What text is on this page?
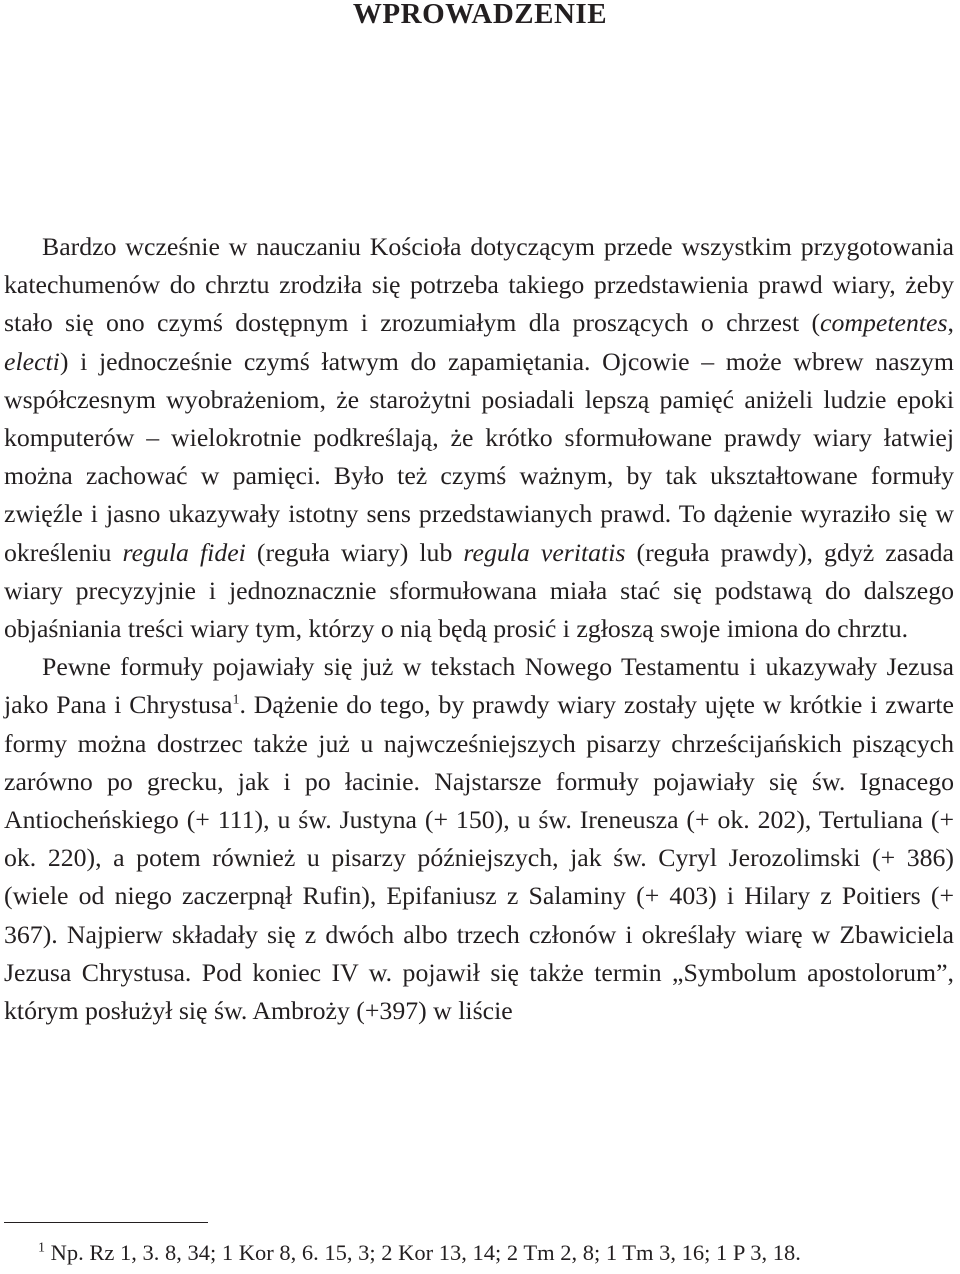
WPROWADZENIE

Bardzo wcześnie w nauczaniu Kościoła dotyczącym przede wszystkim przygotowania katechumenów do chrztu zrodziła się potrzeba takiego przedstawienia prawd wiary, żeby stało się ono czymś dostępnym i zrozumiałym dla proszących o chrzest (competentes, electi) i jednocześnie czymś łatwym do zapamiętania. Ojcowie – może wbrew naszym współczesnym wyobrażeniom, że starożytni posiadali lepszą pamięć aniżeli ludzie epoki komputerów – wielokrotnie podkreślają, że krótko sformułowane prawdy wiary łatwiej można zachować w pamięci. Było też czymś ważnym, by tak ukształtowane formuły zwięźle i jasno ukazywały istotny sens przedstawianych prawd. To dążenie wyraziło się w określeniu regula fidei (reguła wiary) lub regula veritatis (reguła prawdy), gdyż zasada wiary precyzyjnie i jednoznacznie sformułowana miała stać się podstawą do dalszego objaśniania treści wiary tym, którzy o nią będą prosić i zgłoszą swoje imiona do chrztu.

Pewne formuły pojawiały się już w tekstach Nowego Testamentu i ukazywały Jezusa jako Pana i Chrystusa$^1$. Dążenie do tego, by prawdy wiary zostały ujęte w krótkie i zwarte formy można dostrzec także już u najwcześniejszych pisarzy chrześcijańskich piszących zarówno po grecku, jak i po łacinie. Najstarsze formuły pojawiały się św. Ignacego Antiocheńskiego (+ 111), u św. Justyna (+ 150), u św. Ireneusza (+ ok. 202), Tertuliana (+ ok. 220), a potem również u pisarzy późniejszych, jak św. Cyryl Jerozolimski (+ 386) (wiele od niego zaczerpnął Rufin), Epifaniusz z Salaminy (+ 403) i Hilary z Poitiers (+ 367). Najpierw składały się z dwóch albo trzech członów i określały wiarę w Zbawiciela Jezusa Chrystusa. Pod koniec IV w. pojawił się także termin „Symbolum apostolorum”, którym posłużył się św. Ambroży (+397) w liście

$^1$ Np. Rz 1, 3. 8, 34; 1 Kor 8, 6. 15, 3; 2 Kor 13, 14; 2 Tm 2, 8; 1 Tm 3, 16; 1 P 3, 18.
